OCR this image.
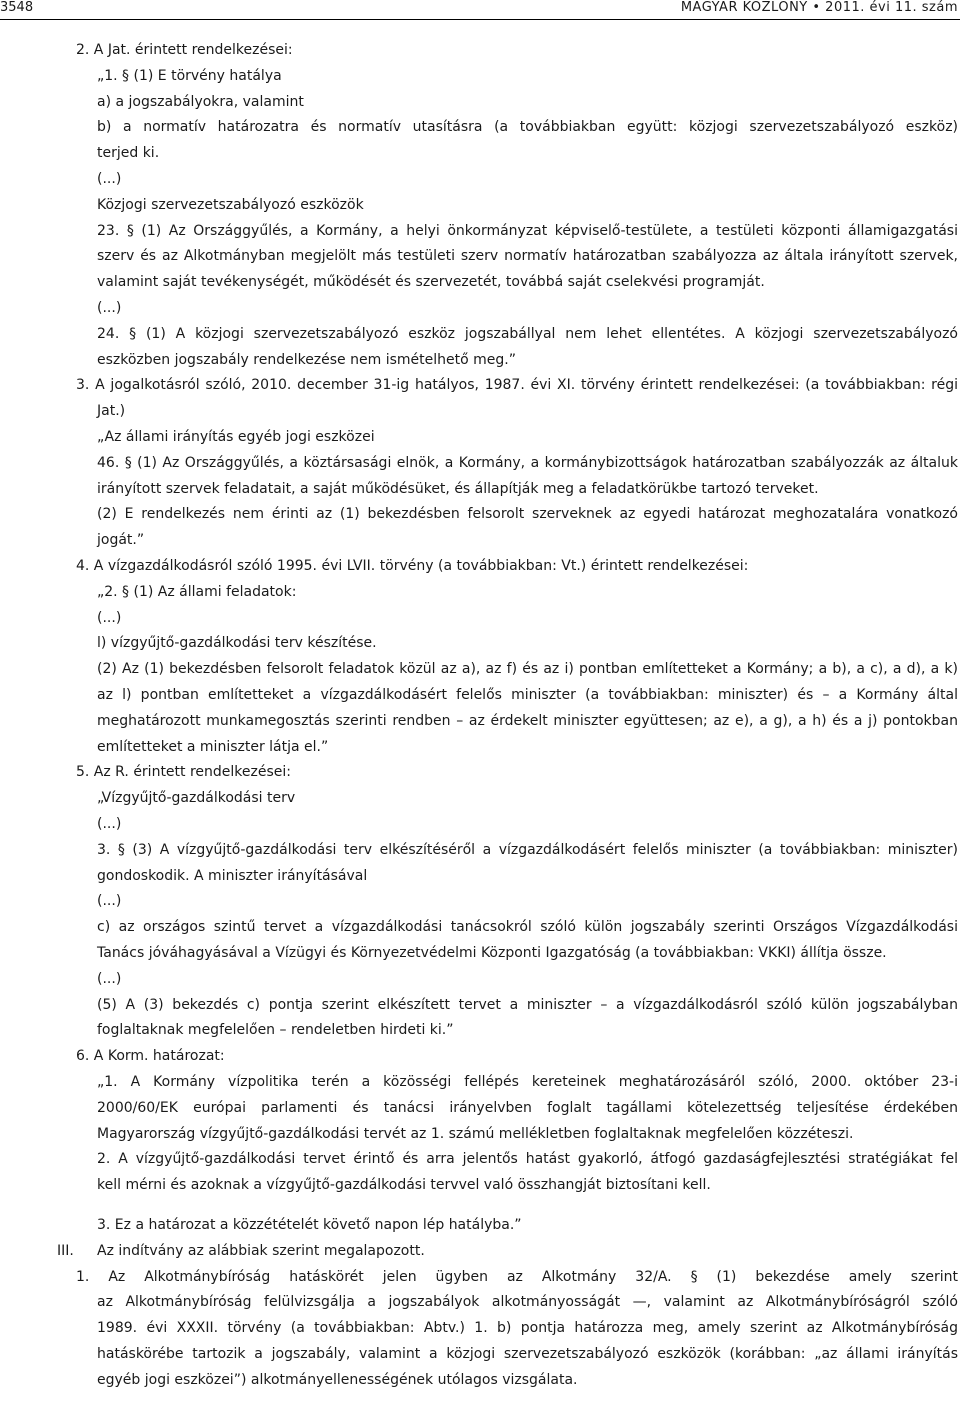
3548	MAGYAR KÖZLÖNY • 2011. évi 11. szám
2. A Jat. érintett rendelkezései:
„1. § (1) E törvény hatálya
a) a jogszabályokra, valamint
b) a normatív határozatra és normatív utasításra (a továbbiakban együtt: közjogi szervezetszabályozó eszköz)
terjed ki.
(...)
Közjogi szervezetszabályozó eszközök
23. § (1) Az Országgyűlés, a Kormány, a helyi önkormányzat képviselő-testülete, a testületi központi államigazgatási
szerv és az Alkotmányban megjelölt más testületi szerv normatív határozatban szabályozza az általa irányított szervek,
valamint saját tevékenységét, működését és szervezetét, továbbá saját cselekvési programját.
(...)
24. § (1) A közjogi szervezetszabályozó eszköz jogszabállyal nem lehet ellentétes. A közjogi szervezetszabályozó
eszközben jogszabály rendelkezése nem ismételhető meg.”
3. A jogalkotásról szóló, 2010. december 31-ig hatályos, 1987. évi XI. törvény érintett rendelkezései: (a továbbiakban: régi
Jat.)
„Az állami irányítás egyéb jogi eszközei
46. § (1) Az Országgyűlés, a köztársasági elnök, a Kormány, a kormánybizottságok határozatban szabályozzák az általuk
irányított szervek feladatait, a saját működésüket, és állapítják meg a feladatkörükbe tartozó terveket.
(2) E rendelkezés nem érinti az (1) bekezdésben felsorolt szerveknek az egyedi határozat meghozatalára vonatkozó
jogát.”
4. A vízgazdálkodásról szóló 1995. évi LVII. törvény (a továbbiakban: Vt.) érintett rendelkezései:
„2. § (1) Az állami feladatok:
(...)
l) vízgyűjtő-gazdálkodási terv készítése.
(2) Az (1) bekezdésben felsorolt feladatok közül az a), az f) és az i) pontban említetteket a Kormány; a b), a c), a d), a k)
az l) pontban említetteket a vízgazdálkodásért felelős miniszter (a továbbiakban: miniszter) és – a Kormány által
meghatározott munkamegosztás szerinti rendben – az érdekelt miniszter együttesen; az e), a g), a h) és a j) pontokban
említetteket a miniszter látja el.”
5. Az R. érintett rendelkezései:
„Vízgyűjtő-gazdálkodási terv
(...)
3. § (3) A vízgyűjtő-gazdálkodási terv elkészítéséről a vízgazdálkodásért felelős miniszter (a továbbiakban: miniszter)
gondoskodik. A miniszter irányításával
(...)
c) az országos szintű tervet a vízgazdálkodási tanácsokról szóló külön jogszabály szerinti Országos Vízgazdálkodási
Tanács jóváhagyásával a Vízügyi és Környezetvédelmi Központi Igazgatóság (a továbbiakban: VKKI) állítja össze.
(...)
(5) A (3) bekezdés c) pontja szerint elkészített tervet a miniszter – a vízgazdálkodásról szóló külön jogszabályban
foglaltaknak megfelelően – rendeletben hirdeti ki.”
6. A Korm. határozat:
„1. A Kormány vízpolitika terén a közösségi fellépés kereteinek meghatározásáról szóló, 2000. október 23-i
2000/60/EK európai parlamenti és tanácsi irányelvben foglalt tagállami kötelezettség teljesítése érdekében
Magyarország vízgyűjtő-gazdálkodási tervét az 1. számú mellékletben foglaltaknak megfelelően közzéteszi.
2. A vízgyűjtő-gazdálkodási tervet érintő és arra jelentős hatást gyakorló, átfogó gazdaságfejlesztési stratégiákat fel
kell mérni és azoknak a vízgyűjtő-gazdálkodási tervvel való összhangját biztosítani kell.
3. Ez a határozat a közzétételét követő napon lép hatályba.”
III. Az indítvány az alábbiak szerint megalapozott.
1. Az Alkotmánybíróság hatáskörét jelen ügyben az Alkotmány 32/A. § (1) bekezdése amely szerint
az Alkotmánybíróság felülvizsgálja a jogszabályok alkotmányosságát —, valamint az Alkotmánybíróságról szóló
1989. évi XXXII. törvény (a továbbiakban: Abtv.) 1. b) pontja határozza meg, amely szerint az Alkotmánybíróság
hatáskörébe tartozik a jogszabály, valamint a közjogi szervezetszabályozó eszközök (korábban: „az állami irányítás
egyéb jogi eszközei”) alkotmányellenességének utólagos vizsgálata.
